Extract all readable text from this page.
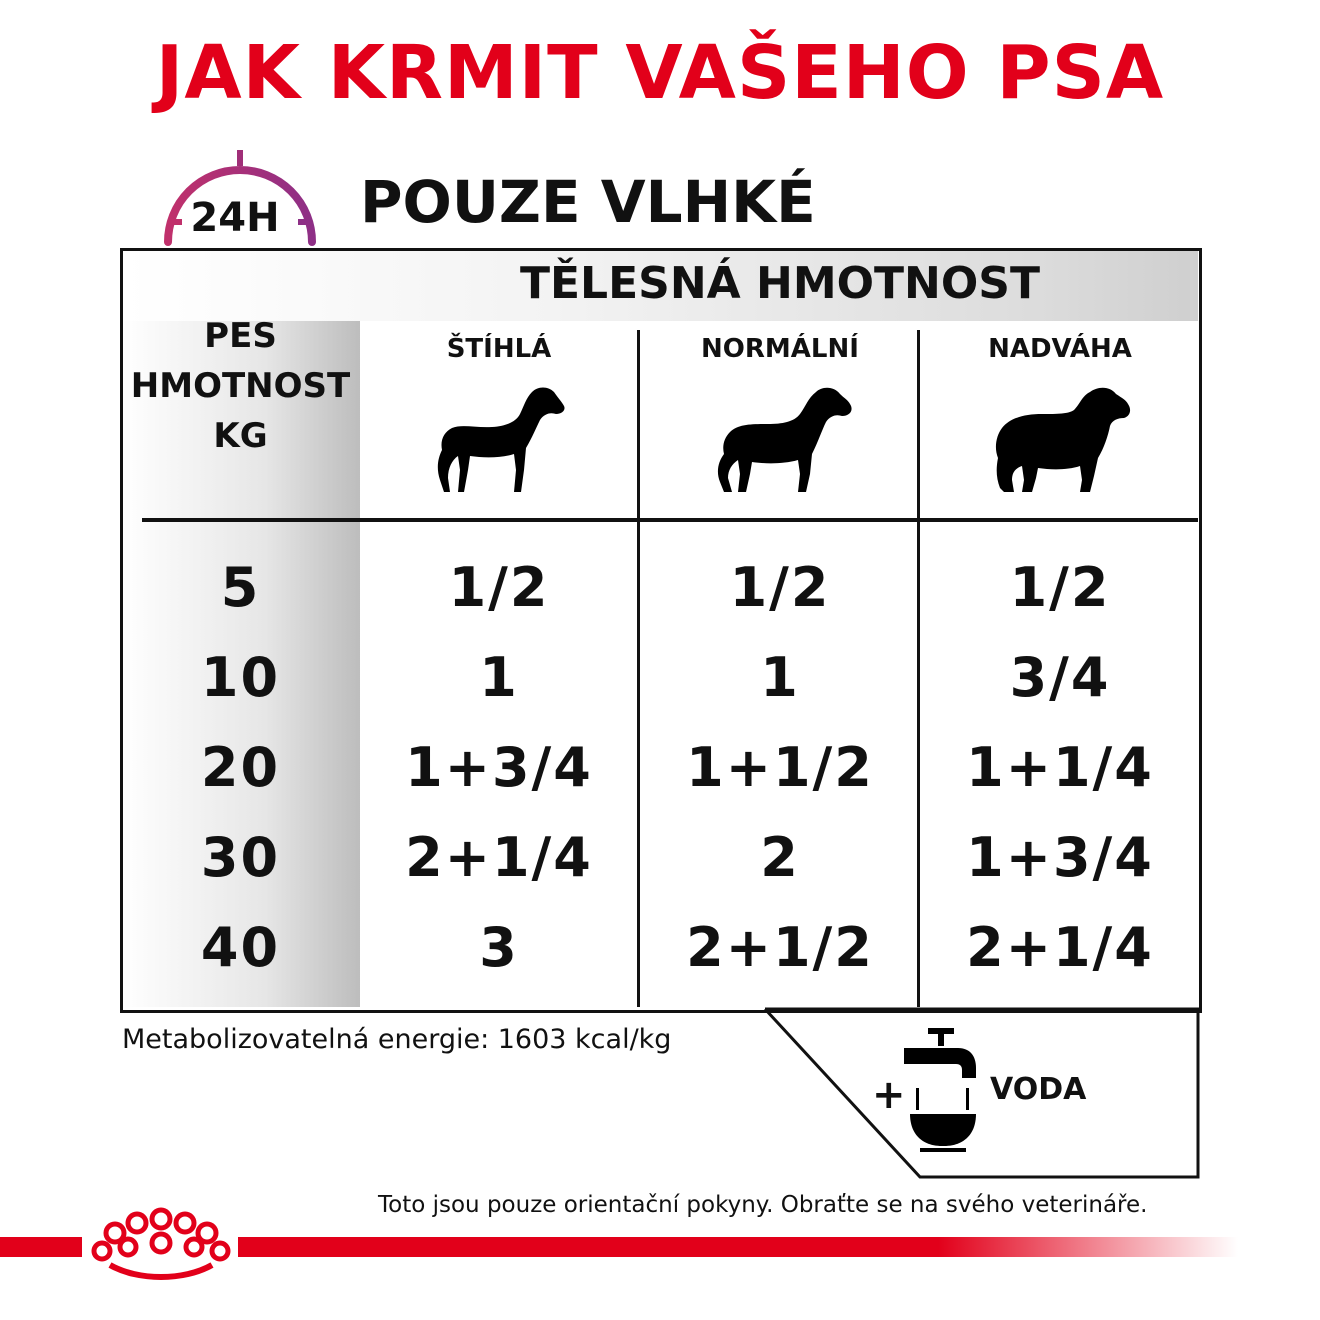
JAK KRMIT VAŠEHO PSA
24H	POUZE VLHKÉ
TĚLESNÁ HMOTNOST
PES
HMOTNOST
KG
ŠTÍHLÁ	NORMÁLNÍ	NADVÁHA
5	1/2	1/2	1/2
10	1	1	3/4
20	1+3/4	1+1/2	1+1/4
30	2+1/4	2	1+3/4
40	3	2+1/2	2+1/4
Metabolizovatelná energie: 1603 kcal/kg
+	VODA
Toto jsou pouze orientační pokyny. Obraťte se na svého veterináře.
